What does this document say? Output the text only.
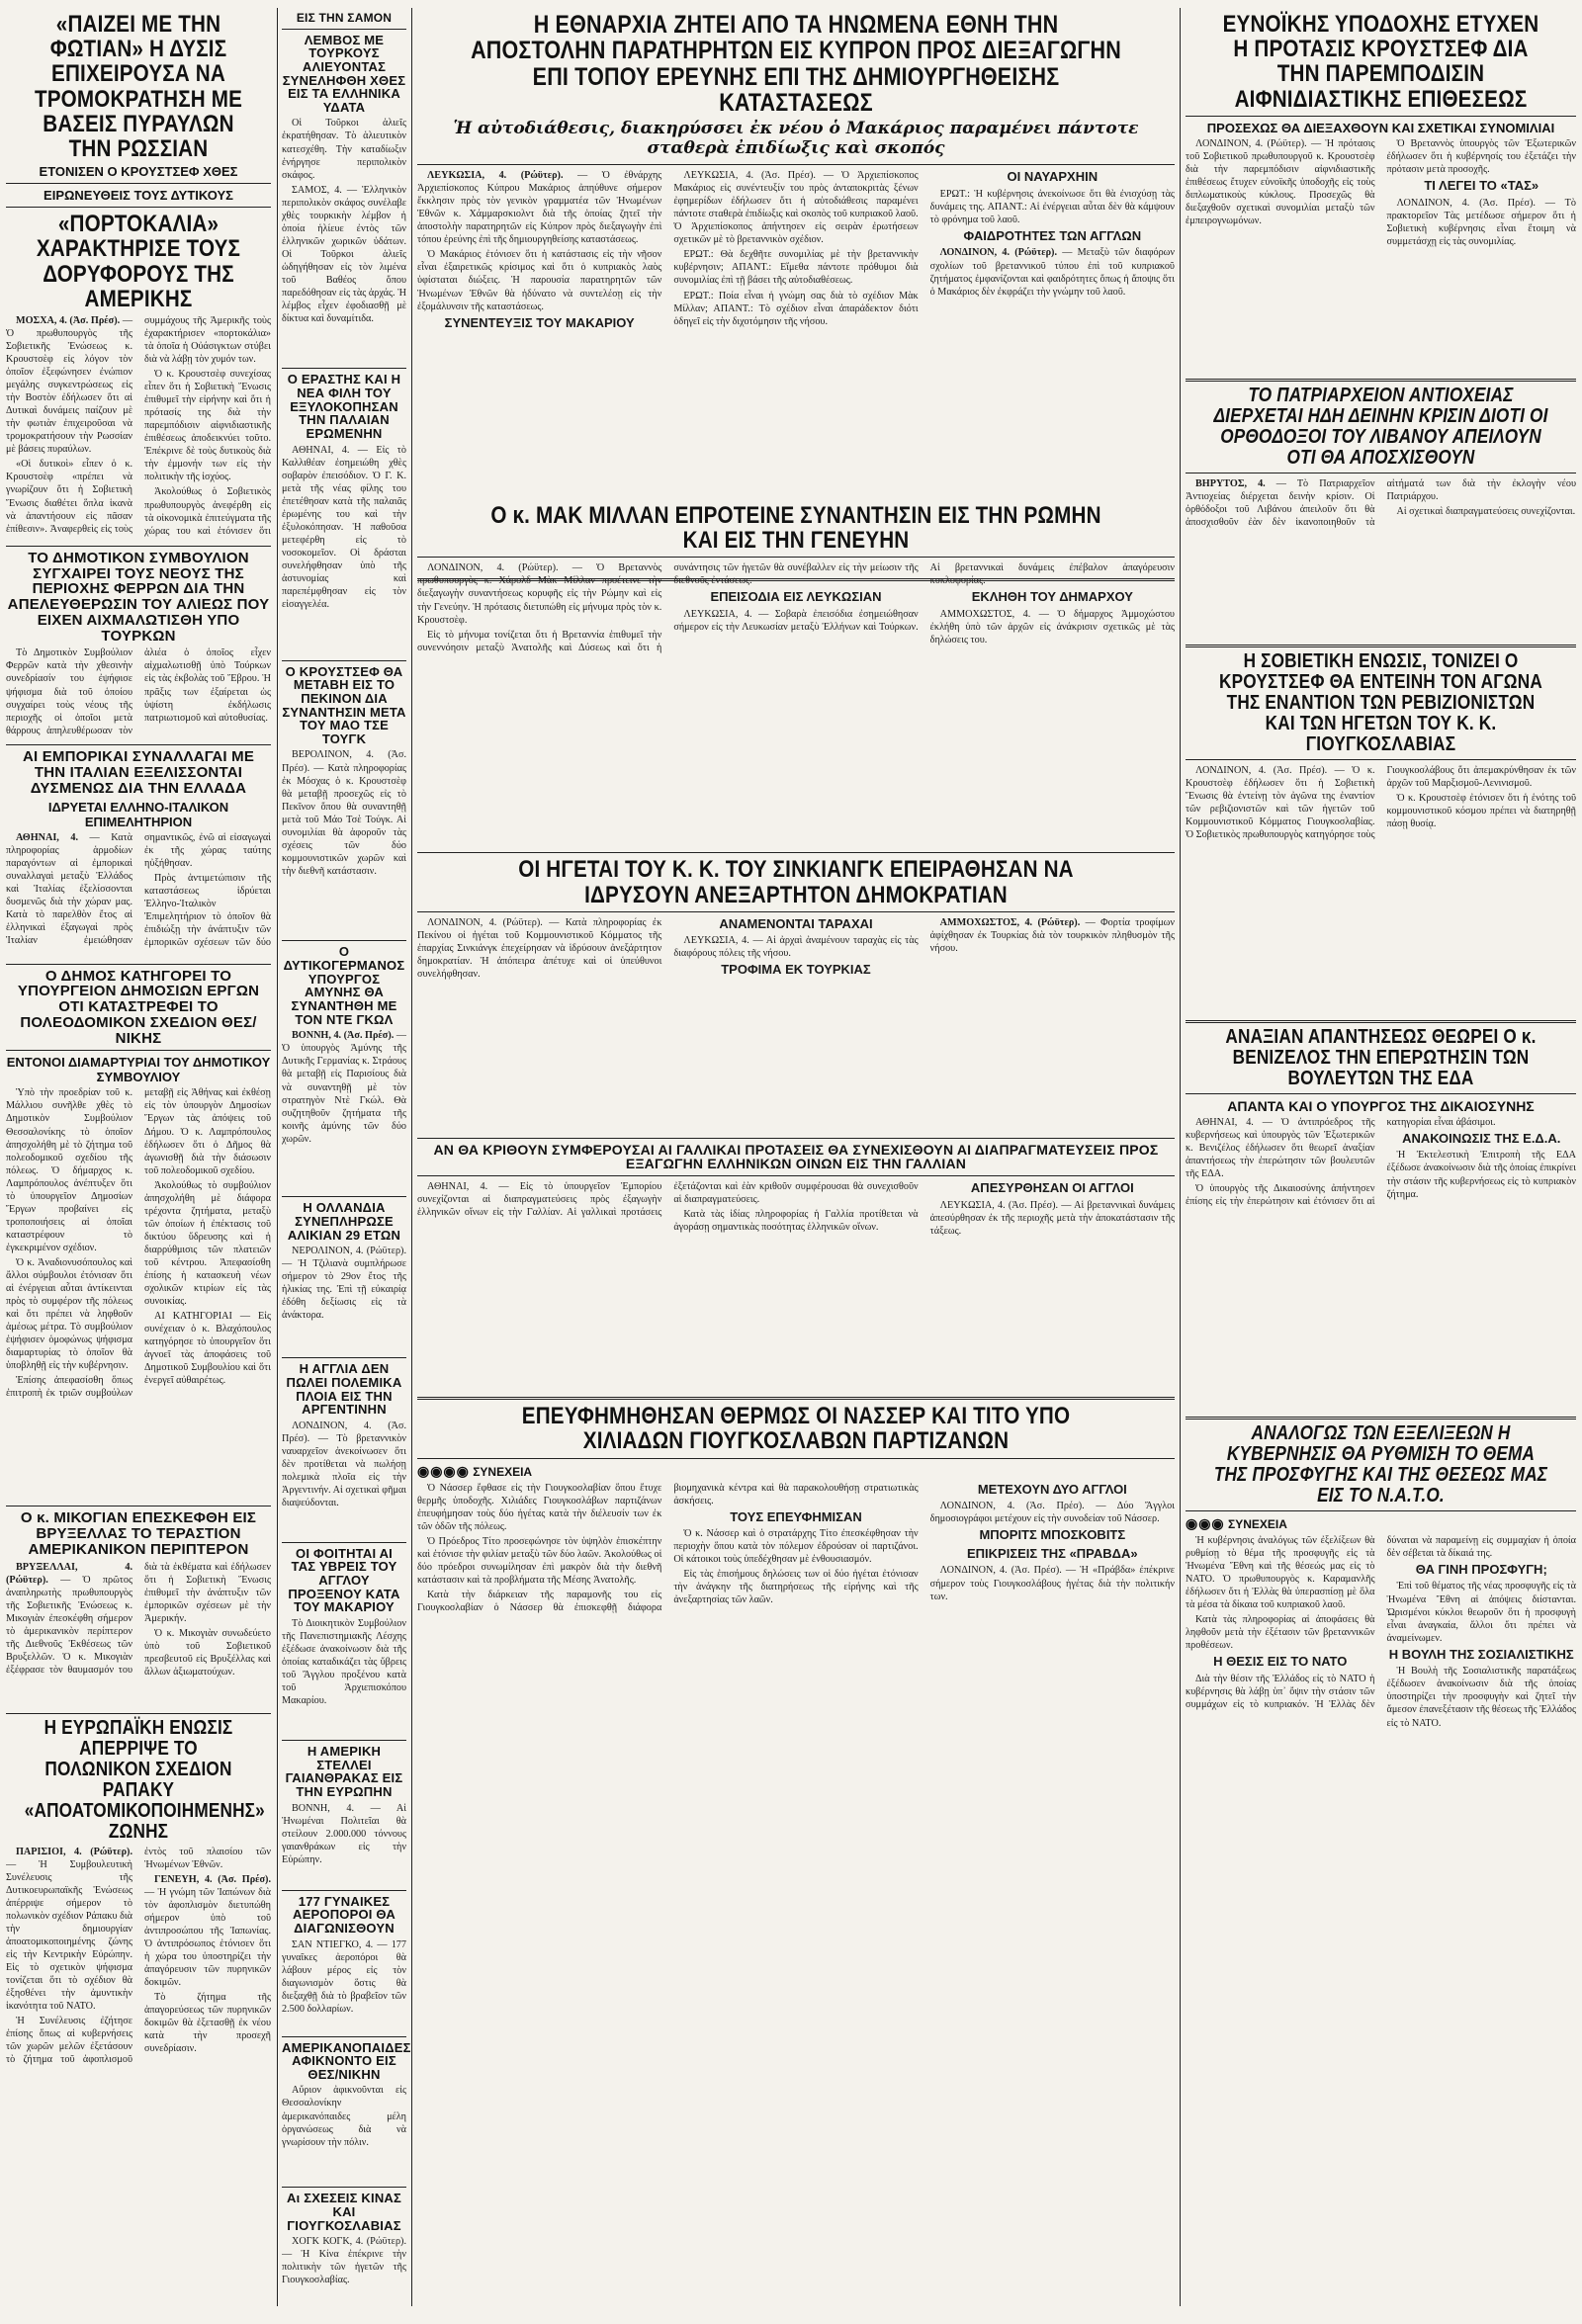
«ΠΑΙΖΕΙ ΜΕ ΤΗΝ ΦΩΤΙΑΝ» Η ΔΥΣΙΣ ΕΠΙΧΕΙΡΟΥΣΑ ΝΑ ΤΡΟΜΟΚΡΑΤΗΣΗ ΜΕ ΒΑΣΕΙΣ ΠΥΡΑΥΛΩΝ ΤΗΝ ΡΩΣΣΙΑΝ
ΕΤΟΝΙΣΕΝ Ο ΚΡΟΥΣΤΣΕΦ ΧΘΕΣ
ΕΙΡΩΝΕΥΘΕΙΣ ΤΟΥΣ ΔΥΤΙΚΟΥΣ
«ΠΟΡΤΟΚΑΛΙΑ» ΧΑΡΑΚΤΗΡΙΣΕ ΤΟΥΣ ΔΟΡΥΦΟΡΟΥΣ ΤΗΣ ΑΜΕΡΙΚΗΣ

ΜΟΣΧΑ, 4. (Ἀσ. Πρέσ). — Ὁ πρωθυπουργὸς τῆς Σοβιετικῆς Ἑνώσεως κ. Κρουστσὲφ εἰς λόγον τὸν ὁποῖον ἐξεφώνησεν ἐνώπιον μεγάλης συγκεντρώσεως εἰς τὴν Βοστὸν ἐδήλωσεν ὅτι αἱ Δυτικαὶ δυνάμεις παίζουν μὲ τὴν φωτιὰν ἐπιχειροῦσαι νὰ τρομοκρατήσουν τὴν Ρωσσίαν μὲ βάσεις πυραύλων.

«Οἱ δυτικοὶ» εἶπεν ὁ κ. Κρουστσὲφ «πρέπει νὰ γνωρίζουν ὅτι ἡ Σοβιετικὴ Ἕνωσις διαθέτει ὅπλα ἱκανὰ νὰ ἀπαντήσουν εἰς πᾶσαν ἐπίθεσιν». Ἀναφερθεὶς εἰς τοὺς συμμάχους τῆς Ἀμερικῆς τοὺς ἐχαρακτήρισεν «πορτοκάλια» τὰ ὁποῖα ἡ Οὐάσιγκτων στύβει διὰ νὰ λάβῃ τὸν χυμόν των.

Ὁ κ. Κρουστσὲφ συνεχίσας εἶπεν ὅτι ἡ Σοβιετικὴ Ἕνωσις ἐπιθυμεῖ τὴν εἰρήνην καὶ ὅτι ἡ πρότασίς της διὰ τὴν παρεμπόδισιν αἰφνιδιαστικῆς ἐπιθέσεως ἀποδεικνύει τοῦτο. Ἐπέκρινε δὲ τοὺς δυτικοὺς διὰ τὴν ἐμμονήν των εἰς τὴν πολιτικὴν τῆς ἰσχύος.

Ἀκολούθως ὁ Σοβιετικὸς πρωθυπουργὸς ἀνεφέρθη εἰς τὰ οἰκονομικὰ ἐπιτεύγματα τῆς χώρας του καὶ ἐτόνισεν ὅτι

ΤΟ ΔΗΜΟΤΙΚΟΝ ΣΥΜΒΟΥΛΙΟΝ ΣΥΓΧΑΙΡΕΙ ΤΟΥΣ ΝΕΟΥΣ ΤΗΣ ΠΕΡΙΟΧΗΣ ΦΕΡΡΩΝ ΔΙΑ ΤΗΝ ΑΠΕΛΕΥΘΕΡΩΣΙΝ ΤΟΥ ΑΛΙΕΩΣ ΠΟΥ ΕΙΧΕΝ ΑΙΧΜΑΛΩΤΙΣΘΗ ΥΠΟ ΤΟΥΡΚΩΝ

Τὸ Δημοτικὸν Συμβούλιον Φερρῶν κατὰ τὴν χθεσινὴν συνεδρίασίν του ἐψήφισε ψήφισμα διὰ τοῦ ὁποίου συγχαίρει τοὺς νέους τῆς περιοχῆς οἱ ὁποῖοι μετὰ θάρρους ἀπηλευθέρωσαν τὸν ἁλιέα ὁ ὁποῖος εἶχεν αἰχμαλωτισθῇ ὑπὸ Τούρκων εἰς τὰς ἐκβολὰς τοῦ Ἕβρου. Ἡ πρᾶξις των ἐξαίρεται ὡς ὑψίστη ἐκδήλωσις πατριωτισμοῦ καὶ αὐτοθυσίας.

ΑΙ ΕΜΠΟΡΙΚΑΙ ΣΥΝΑΛΛΑΓΑΙ ΜΕ ΤΗΝ ΙΤΑΛΙΑΝ ΕΞΕΛΙΣΣΟΝΤΑΙ ΔΥΣΜΕΝΩΣ ΔΙΑ ΤΗΝ ΕΛΛΑΔΑ
ΙΔΡΥΕΤΑΙ ΕΛΛΗΝΟ-ΙΤΑΛΙΚΟΝ ΕΠΙΜΕΛΗΤΗΡΙΟΝ

ΑΘΗΝΑΙ, 4. — Κατὰ πληροφορίας ἁρμοδίων παραγόντων αἱ ἐμπορικαὶ συναλλαγαὶ μεταξὺ Ἑλλάδος καὶ Ἰταλίας ἐξελίσσονται δυσμενῶς διὰ τὴν χώραν μας. Κατὰ τὸ παρελθὸν ἔτος αἱ ἑλληνικαὶ ἐξαγωγαὶ πρὸς Ἰταλίαν ἐμειώθησαν σημαντικῶς, ἐνῶ αἱ εἰσαγωγαὶ ἐκ τῆς χώρας ταύτης ηὐξήθησαν.

Πρὸς ἀντιμετώπισιν τῆς καταστάσεως ἱδρύεται Ἑλληνο-Ἰταλικὸν Ἐπιμελητήριον τὸ ὁποῖον θὰ ἐπιδιώξῃ τὴν ἀνάπτυξιν τῶν ἐμπορικῶν σχέσεων τῶν δύο

Ο ΔΗΜΟΣ ΚΑΤΗΓΟΡΕΙ ΤΟ ΥΠΟΥΡΓΕΙΟΝ ΔΗΜΟΣΙΩΝ ΕΡΓΩΝ ΟΤΙ ΚΑΤΑΣΤΡΕΦΕΙ ΤΟ ΠΟΛΕΟΔΟΜΙΚΟΝ ΣΧΕΔΙΟΝ ΘΕΣ/ΝΙΚΗΣ
ΕΝΤΟΝΟΙ ΔΙΑΜΑΡΤΥΡΙΑΙ ΤΟΥ ΔΗΜΟΤΙΚΟΥ ΣΥΜΒΟΥΛΙΟΥ

Ὑπὸ τὴν προεδρίαν τοῦ κ. Μάλλιου συνῆλθε χθὲς τὸ Δημοτικὸν Συμβούλιον Θεσσαλονίκης τὸ ὁποῖον ἀπησχολήθη μὲ τὸ ζήτημα τοῦ πολεοδομικοῦ σχεδίου τῆς πόλεως. Ὁ δήμαρχος κ. Λαμπρόπουλος ἀνέπτυξεν ὅτι τὸ ὑπουργεῖον Δημοσίων Ἔργων προβαίνει εἰς τροποποιήσεις αἱ ὁποῖαι καταστρέφουν τὸ ἐγκεκριμένον σχέδιον.

Ὁ κ. Ἀναδιονυσόπουλος καὶ ἄλλοι σύμβουλοι ἐτόνισαν ὅτι αἱ ἐνέργειαι αὗται ἀντίκεινται πρὸς τὸ συμφέρον τῆς πόλεως καὶ ὅτι πρέπει νὰ ληφθοῦν ἀμέσως μέτρα. Τὸ συμβούλιον ἐψήφισεν ὁμοφώνως ψήφισμα διαμαρτυρίας τὸ ὁποῖον θὰ ὑποβληθῇ εἰς τὴν κυβέρνησιν.

Ἐπίσης ἀπεφασίσθη ὅπως ἐπιτροπὴ ἐκ τριῶν συμβούλων μεταβῇ εἰς Ἀθήνας καὶ ἐκθέσῃ εἰς τὸν ὑπουργὸν Δημοσίων Ἔργων τὰς ἀπόψεις τοῦ Δήμου. Ὁ κ. Λαμπρόπουλος ἐδήλωσεν ὅτι ὁ Δῆμος θὰ ἀγωνισθῇ διὰ τὴν διάσωσιν τοῦ πολεοδομικοῦ σχεδίου.

Ἀκολούθως τὸ συμβούλιον ἀπησχολήθη μὲ διάφορα τρέχοντα ζητήματα, μεταξὺ τῶν ὁποίων ἡ ἐπέκτασις τοῦ δικτύου ὕδρευσης καὶ ἡ διαρρύθμισις τῶν πλατειῶν τοῦ κέντρου. Ἀπεφασίσθη ἐπίσης ἡ κατασκευὴ νέων σχολικῶν κτιρίων εἰς τὰς συνοικίας.

ΑΙ ΚΑΤΗΓΟΡΙΑΙ — Εἰς συνέχειαν ὁ κ. Βλαχόπουλος κατηγόρησε τὸ ὑπουργεῖον ὅτι ἀγνοεῖ τὰς ἀποφάσεις τοῦ Δημοτικοῦ Συμβουλίου καὶ ὅτι ἐνεργεῖ αὐθαιρέτως.

Ο κ. ΜΙΚΟΓΙΑΝ ΕΠΕΣΚΕΦΘΗ ΕΙΣ ΒΡΥΞΕΛΛΑΣ ΤΟ ΤΕΡΑΣΤΙΟΝ ΑΜΕΡΙΚΑΝΙΚΟΝ ΠΕΡΙΠΤΕΡΟΝ

ΒΡΥΞΕΛΛΑΙ, 4. (Ρώϋτερ). — Ὁ πρῶτος ἀναπληρωτὴς πρωθυπουργὸς τῆς Σοβιετικῆς Ἑνώσεως κ. Μικογιὰν ἐπεσκέφθη σήμερον τὸ ἀμερικανικὸν περίπτερον τῆς Διεθνοῦς Ἐκθέσεως τῶν Βρυξελλῶν. Ὁ κ. Μικογιὰν ἐξέφρασε τὸν θαυμασμόν του διὰ τὰ ἐκθέματα καὶ ἐδήλωσεν ὅτι ἡ Σοβιετικὴ Ἕνωσις ἐπιθυμεῖ τὴν ἀνάπτυξιν τῶν ἐμπορικῶν σχέσεων μὲ τὴν Ἀμερικήν.

Ὁ κ. Μικογιὰν συνωδεύετο ὑπὸ τοῦ Σοβιετικοῦ πρεσβευτοῦ εἰς Βρυξέλλας καὶ ἄλλων ἀξιωματούχων.

Η ΕΥΡΩΠΑΪΚΗ ΕΝΩΣΙΣ ΑΠΕΡΡΙΨΕ ΤΟ ΠΟΛΩΝΙΚΟΝ ΣΧΕΔΙΟΝ ΡΑΠΑΚΥ «ΑΠΟΑΤΟΜΙΚΟΠΟΙΗΜΕΝΗΣ» ΖΩΝΗΣ

ΠΑΡΙΣΙΟΙ, 4. (Ρώϋτερ). — Ἡ Συμβουλευτικὴ Συνέλευσις τῆς Δυτικοευρωπαϊκῆς Ἑνώσεως ἀπέρριψε σήμερον τὸ πολωνικὸν σχέδιον Ράπακυ διὰ τὴν δημιουργίαν ἀποατομικοποιημένης ζώνης εἰς τὴν Κεντρικὴν Εὐρώπην. Εἰς τὸ σχετικὸν ψήφισμα τονίζεται ὅτι τὸ σχέδιον θὰ ἐξησθένει τὴν ἀμυντικὴν ἱκανότητα τοῦ ΝΑΤΟ.

Ἡ Συνέλευσις ἐζήτησε ἐπίσης ὅπως αἱ κυβερνήσεις τῶν χωρῶν μελῶν ἐξετάσουν τὸ ζήτημα τοῦ ἀφοπλισμοῦ ἐντὸς τοῦ πλαισίου τῶν Ἡνωμένων Ἐθνῶν.

ΓΕΝΕΥΗ, 4. (Ἀσ. Πρέσ). — Ἡ γνώμη τῶν Ἰαπώνων διὰ τὸν ἀφοπλισμὸν διετυπώθη σήμερον ὑπὸ τοῦ ἀντιπροσώπου τῆς Ἰαπωνίας. Ὁ ἀντιπρόσωπος ἐτόνισεν ὅτι ἡ χώρα του ὑποστηρίζει τὴν ἀπαγόρευσιν τῶν πυρηνικῶν δοκιμῶν.

Τὸ ζήτημα τῆς ἀπαγορεύσεως τῶν πυρηνικῶν δοκιμῶν θὰ ἐξετασθῇ ἐκ νέου κατὰ τὴν προσεχῆ συνεδρίασιν.

ΕΙΣ ΤΗΝ ΣΑΜΟΝ
ΛΕΜΒΟΣ ΜΕ ΤΟΥΡΚΟΥΣ ΑΛΙΕΥΟΝΤΑΣ ΣΥΝΕΛΗΦΘΗ ΧΘΕΣ ΕΙΣ ΤΑ ΕΛΛΗΝΙΚΑ ΥΔΑΤΑ

Οἱ Τοῦρκοι ἁλιεῖς ἐκρατήθησαν. Τὸ ἁλιευτικὸν κατεσχέθη. Τὴν καταδίωξιν ἐνήργησε περιπολικὸν σκάφος.

ΣΑΜΟΣ, 4. — Ἑλληνικὸν περιπολικὸν σκάφος συνέλαβε χθὲς τουρκικὴν λέμβον ἡ ὁποία ἡλίευε ἐντὸς τῶν ἑλληνικῶν χωρικῶν ὑδάτων. Οἱ Τοῦρκοι ἁλιεῖς ὡδηγήθησαν εἰς τὸν λιμένα τοῦ Βαθέος ὅπου παρεδόθησαν εἰς τὰς ἀρχάς. Ἡ λέμβος εἶχεν ἐφοδιασθῇ μὲ δίκτυα καὶ δυναμίτιδα.

Ο ΕΡΑΣΤΗΣ ΚΑΙ Η ΝΕΑ ΦΙΛΗ ΤΟΥ ΕΞΥΛΟΚΟΠΗΣΑΝ ΤΗΝ ΠΑΛΑΙΑΝ ΕΡΩΜΕΝΗΝ

ΑΘΗΝΑΙ, 4. — Εἰς τὸ Καλλιθέαν ἐσημειώθη χθὲς σοβαρὸν ἐπεισόδιον. Ὁ Γ. Κ. μετὰ τῆς νέας φίλης του ἐπετέθησαν κατὰ τῆς παλαιᾶς ἐρωμένης του καὶ τὴν ἐξυλοκόπησαν. Ἡ παθοῦσα μετεφέρθη εἰς τὸ νοσοκομεῖον. Οἱ δράσται συνελήφθησαν ὑπὸ τῆς ἀστυνομίας καὶ παρεπέμφθησαν εἰς τὸν εἰσαγγελέα.

Ο ΚΡΟΥΣΤΣΕΦ ΘΑ ΜΕΤΑΒΗ ΕΙΣ ΤΟ ΠΕΚΙΝΟΝ ΔΙΑ ΣΥΝΑΝΤΗΣΙΝ ΜΕΤΑ ΤΟΥ ΜΑΟ ΤΣΕ ΤΟΥΓΚ

ΒΕΡΟΛΙΝΟΝ, 4. (Ἀσ. Πρέσ). — Κατὰ πληροφορίας ἐκ Μόσχας ὁ κ. Κρουστσὲφ θὰ μεταβῇ προσεχῶς εἰς τὸ Πεκῖνον ὅπου θὰ συναντηθῇ μετὰ τοῦ Μάο Τσὲ Τούγκ. Αἱ συνομιλίαι θὰ ἀφοροῦν τὰς σχέσεις τῶν δύο κομμουνιστικῶν χωρῶν καὶ τὴν διεθνῆ κατάστασιν.

Ο ΔΥΤΙΚΟΓΕΡΜΑΝΟΣ ΥΠΟΥΡΓΟΣ ΑΜΥΝΗΣ ΘΑ ΣΥΝΑΝΤΗΘΗ ΜΕ ΤΟΝ ΝΤΕ ΓΚΩΛ

ΒΟΝΝΗ, 4. (Ἀσ. Πρέσ). — Ὁ ὑπουργὸς Ἀμύνης τῆς Δυτικῆς Γερμανίας κ. Στράους θὰ μεταβῇ εἰς Παρισίους διὰ νὰ συναντηθῇ μὲ τὸν στρατηγὸν Ντὲ Γκώλ. Θὰ συζητηθοῦν ζητήματα τῆς κοινῆς ἀμύνης τῶν δύο χωρῶν.

Η ΟΛΛΑΝΔΙΑ ΣΥΝΕΠΛΗΡΩΣΕ ΑΛΙΚΙΑΝ 29 ΕΤΩΝ

ΝΕΡΟΛΙΝΟΝ, 4. (Ρώϋτερ). — Ἡ Τζιλιανὰ συμπλήρωσε σήμερον τὸ 29ον ἔτος τῆς ἡλικίας της. Ἐπὶ τῇ εὐκαιρίᾳ ἐδόθη δεξίωσις εἰς τὰ ἀνάκτορα.

Η ΑΓΓΛΙΑ ΔΕΝ ΠΩΛΕΙ ΠΟΛΕΜΙΚΑ ΠΛΟΙΑ ΕΙΣ ΤΗΝ ΑΡΓΕΝΤΙΝΗΝ

ΛΟΝΔΙΝΟΝ, 4. (Ἀσ. Πρέσ). — Τὸ βρεταννικὸν ναυαρχεῖον ἀνεκοίνωσεν ὅτι δὲν προτίθεται νὰ πωλήσῃ πολεμικὰ πλοῖα εἰς τὴν Ἀργεντινήν. Αἱ σχετικαὶ φῆμαι διαψεύδονται.

ΟΙ ΦΟΙΤΗΤΑΙ ΑΙ ΤΑΣ ΥΒΡΕΙΣ ΤΟΥ ΑΓΓΛΟΥ ΠΡΟΞΕΝΟΥ ΚΑΤΑ ΤΟΥ ΜΑΚΑΡΙΟΥ

Τὸ Διοικητικὸν Συμβούλιον τῆς Πανεπιστημιακῆς Λέσχης ἐξέδωσε ἀνακοίνωσιν διὰ τῆς ὁποίας καταδικάζει τὰς ὕβρεις τοῦ Ἄγγλου προξένου κατὰ τοῦ Ἀρχιεπισκόπου Μακαρίου.

Η ΑΜΕΡΙΚΗ ΣΤΕΛΛΕΙ ΓΑΙΑΝΘΡΑΚΑΣ ΕΙΣ ΤΗΝ ΕΥΡΩΠΗΝ

ΒΟΝΝΗ, 4. — Αἱ Ἡνωμέναι Πολιτεῖαι θὰ στείλουν 2.000.000 τόννους γαιανθράκων εἰς τὴν Εὐρώπην.

177 ΓΥΝΑΙΚΕΣ ΑΕΡΟΠΟΡΟΙ ΘΑ ΔΙΑΓΩΝΙΣΘΟΥΝ

ΣΑΝ ΝΤΙΕΓΚΟ, 4. — 177 γυναῖκες ἀεροπόροι θὰ λάβουν μέρος εἰς τὸν διαγωνισμὸν ὅστις θὰ διεξαχθῇ διὰ τὸ βραβεῖον τῶν 2.500 δολλαρίων.

ΑΜΕΡΙΚΑΝΟΠΑΙΔΕΣ ΑΦΙΚΝΟΝΤΟ ΕΙΣ ΘΕΣ/ΝΙΚΗΝ

Αὔριον ἀφικνοῦνται εἰς Θεσσαλονίκην ἀμερικανόπαιδες μέλη ὀργανώσεως διὰ νὰ γνωρίσουν τὴν πόλιν.

Αι ΣΧΕΣΕΙΣ ΚΙΝΑΣ ΚΑΙ ΓΙΟΥΓΚΟΣΛΑΒΙΑΣ

ΧΟΓΚ ΚΟΓΚ, 4. (Ρώϋτερ). — Ἡ Κίνα ἐπέκρινε τὴν πολιτικὴν τῶν ἡγετῶν τῆς Γιουγκοσλαβίας.

Η ΕΘΝΑΡΧΙΑ ΖΗΤΕΙ ΑΠΟ ΤΑ ΗΝΩΜΕΝΑ ΕΘΝΗ ΤΗΝ ΑΠΟΣΤΟΛΗΝ ΠΑΡΑΤΗΡΗΤΩΝ ΕΙΣ ΚΥΠΡΟΝ ΠΡΟΣ ΔΙΕΞΑΓΩΓΗΝ ΕΠΙ ΤΟΠΟΥ ΕΡΕΥΝΗΣ ΕΠΙ ΤΗΣ ΔΗΜΙΟΥΡΓΗΘΕΙΣΗΣ ΚΑΤΑΣΤΑΣΕΩΣ
Ἡ αὐτοδιάθεσις, διακηρύσσει ἐκ νέου ὁ Μακάριος παραμένει πάντοτε σταθερὰ ἐπιδίωξις καὶ σκοπός

ΛΕΥΚΩΣΙΑ, 4. (Ρώϋτερ). — Ὁ ἐθνάρχης Ἀρχιεπίσκοπος Κύπρου Μακάριος ἀπηύθυνε σήμερον ἔκκλησιν πρὸς τὸν γενικὸν γραμματέα τῶν Ἡνωμένων Ἐθνῶν κ. Χάμμαρσκιολντ διὰ τῆς ὁποίας ζητεῖ τὴν ἀποστολὴν παρατηρητῶν εἰς Κύπρον πρὸς διεξαγωγὴν ἐπὶ τόπου ἐρεύνης ἐπὶ τῆς δημιουργηθείσης καταστάσεως.

Ὁ Μακάριος ἐτόνισεν ὅτι ἡ κατάστασις εἰς τὴν νῆσον εἶναι ἐξαιρετικῶς κρίσιμος καὶ ὅτι ὁ κυπριακὸς λαὸς ὑφίσταται διώξεις. Ἡ παρουσία παρατηρητῶν τῶν Ἡνωμένων Ἐθνῶν θὰ ἠδύνατο νὰ συντελέσῃ εἰς τὴν ἐξομάλυνσιν τῆς καταστάσεως.

ΣΥΝΕΝΤΕΥΞΙΣ ΤΟΥ ΜΑΚΑΡΙΟΥ

ΛΕΥΚΩΣΙΑ, 4. (Ἀσ. Πρέσ). — Ὁ Ἀρχιεπίσκοπος Μακάριος εἰς συνέντευξίν του πρὸς ἀνταποκριτὰς ξένων ἐφημερίδων ἐδήλωσεν ὅτι ἡ αὐτοδιάθεσις παραμένει πάντοτε σταθερὰ ἐπιδίωξις καὶ σκοπὸς τοῦ κυπριακοῦ λαοῦ. Ὁ Ἀρχιεπίσκοπος ἀπήντησεν εἰς σειρὰν ἐρωτήσεων σχετικῶν μὲ τὸ βρεταννικὸν σχέδιον.

ΕΡΩΤ.: Θὰ δεχθῆτε συνομιλίας μὲ τὴν βρεταννικὴν κυβέρνησιν; ΑΠΑΝΤ.: Εἴμεθα πάντοτε πρόθυμοι διὰ συνομιλίας ἐπὶ τῇ βάσει τῆς αὐτοδιαθέσεως.

ΕΡΩΤ.: Ποία εἶναι ἡ γνώμη σας διὰ τὸ σχέδιον Μὰκ Μίλλαν; ΑΠΑΝΤ.: Τὸ σχέδιον εἶναι ἀπαράδεκτον διότι ὁδηγεῖ εἰς τὴν διχοτόμησιν τῆς νήσου.

ΟΙ ΝΑΥΑΡΧΗΙΝ

ΕΡΩΤ.: Ἡ κυβέρνησις ἀνεκοίνωσε ὅτι θὰ ἐνισχύσῃ τὰς δυνάμεις της. ΑΠΑΝΤ.: Αἱ ἐνέργειαι αὗται δὲν θὰ κάμψουν τὸ φρόνημα τοῦ λαοῦ.

ΦΑΙΔΡΟΤΗΤΕΣ ΤΩΝ ΑΓΓΛΩΝ

ΛΟΝΔΙΝΟΝ, 4. (Ρώϋτερ). — Μεταξὺ τῶν διαφόρων σχολίων τοῦ βρεταννικοῦ τύπου ἐπὶ τοῦ κυπριακοῦ ζητήματος ἐμφανίζονται καὶ φαιδρότητες ὅπως ἡ ἄποψις ὅτι ὁ Μακάριος δὲν ἐκφράζει τὴν γνώμην τοῦ λαοῦ.

Ο κ. ΜΑΚ ΜΙΛΛΑΝ ΕΠΡΟΤΕΙΝΕ ΣΥΝΑΝΤΗΣΙΝ ΕΙΣ ΤΗΝ ΡΩΜΗΝ ΚΑΙ ΕΙΣ ΤΗΝ ΓΕΝΕΥΗΝ

ΛΟΝΔΙΝΟΝ, 4. (Ρώϋτερ). — Ὁ Βρεταννὸς πρωθυπουργὸς κ. Χάρολδ Μὰκ Μίλλαν προέτεινε τὴν διεξαγωγὴν συναντήσεως κορυφῆς εἰς τὴν Ρώμην καὶ εἰς τὴν Γενεύην. Ἡ πρότασις διετυπώθη εἰς μήνυμα πρὸς τὸν κ. Κρουστσὲφ.

Εἰς τὸ μήνυμα τονίζεται ὅτι ἡ Βρεταννία ἐπιθυμεῖ τὴν συνεννόησιν μεταξὺ Ἀνατολῆς καὶ Δύσεως καὶ ὅτι ἡ συνάντησις τῶν ἡγετῶν θὰ συνέβαλλεν εἰς τὴν μείωσιν τῆς διεθνοῦς ἐντάσεως.

ΕΠΕΙΣΟΔΙΑ ΕΙΣ ΛΕΥΚΩΣΙΑΝ

ΛΕΥΚΩΣΙΑ, 4. — Σοβαρὰ ἐπεισόδια ἐσημειώθησαν σήμερον εἰς τὴν Λευκωσίαν μεταξὺ Ἑλλήνων καὶ Τούρκων. Αἱ βρεταννικαὶ δυνάμεις ἐπέβαλον ἀπαγόρευσιν κυκλοφορίας.

ΕΚΛΗΘΗ ΤΟΥ ΔΗΜΑΡΧΟΥ

ΑΜΜΟΧΩΣΤΟΣ, 4. — Ὁ δήμαρχος Ἀμμοχώστου ἐκλήθη ὑπὸ τῶν ἀρχῶν εἰς ἀνάκρισιν σχετικῶς μὲ τὰς δηλώσεις του.

ΟΙ ΗΓΕΤΑΙ ΤΟΥ Κ. Κ. ΤΟΥ ΣΙΝΚΙΑΝΓΚ ΕΠΕΙΡΑΘΗΣΑΝ ΝΑ ΙΔΡΥΣΟΥΝ ΑΝΕΞΑΡΤΗΤΟΝ ΔΗΜΟΚΡΑΤΙΑΝ

ΛΟΝΔΙΝΟΝ, 4. (Ρώϋτερ). — Κατὰ πληροφορίας ἐκ Πεκίνου οἱ ἡγέται τοῦ Κομμουνιστικοῦ Κόμματος τῆς ἐπαρχίας Σινκιάνγκ ἐπεχείρησαν νὰ ἱδρύσουν ἀνεξάρτητον δημοκρατίαν. Ἡ ἀπόπειρα ἀπέτυχε καὶ οἱ ὑπεύθυνοι συνελήφθησαν.

ΑΝΑΜΕΝΟΝΤΑΙ ΤΑΡΑΧΑΙ

ΛΕΥΚΩΣΙΑ, 4. — Αἱ ἀρχαὶ ἀναμένουν ταραχὰς εἰς τὰς διαφόρους πόλεις τῆς νήσου.

ΤΡΟΦΙΜΑ ΕΚ ΤΟΥΡΚΙΑΣ

ΑΜΜΟΧΩΣΤΟΣ, 4. (Ρώϋτερ). — Φορτία τροφίμων ἀφίχθησαν ἐκ Τουρκίας διὰ τὸν τουρκικὸν πληθυσμὸν τῆς νήσου.

ΑΝ ΘΑ ΚΡΙΘΟΥΝ ΣΥΜΦΕΡΟΥΣΑΙ ΑΙ ΓΑΛΛΙΚΑΙ ΠΡΟΤΑΣΕΙΣ ΘΑ ΣΥΝΕΧΙΣΘΟΥΝ ΑΙ ΔΙΑΠΡΑΓΜΑΤΕΥΣΕΙΣ ΠΡΟΣ ΕΞΑΓΩΓΗΝ ΕΛΛΗΝΙΚΩΝ ΟΙΝΩΝ ΕΙΣ ΤΗΝ ΓΑΛΛΙΑΝ

ΑΘΗΝΑΙ, 4. — Εἰς τὸ ὑπουργεῖον Ἐμπορίου συνεχίζονται αἱ διαπραγματεύσεις πρὸς ἐξαγωγὴν ἑλληνικῶν οἴνων εἰς τὴν Γαλλίαν. Αἱ γαλλικαὶ προτάσεις ἐξετάζονται καὶ ἐὰν κριθοῦν συμφέρουσαι θὰ συνεχισθοῦν αἱ διαπραγματεύσεις.

Κατὰ τὰς ἰδίας πληροφορίας ἡ Γαλλία προτίθεται νὰ ἀγοράσῃ σημαντικὰς ποσότητας ἑλληνικῶν οἴνων.

ΑΠΕΣΥΡΘΗΣΑΝ ΟΙ ΑΓΓΛΟΙ

ΛΕΥΚΩΣΙΑ, 4. (Ἀσ. Πρέσ). — Αἱ βρεταννικαὶ δυνάμεις ἀπεσύρθησαν ἐκ τῆς περιοχῆς μετὰ τὴν ἀποκατάστασιν τῆς τάξεως.

ΕΠΕΥΦΗΜΗΘΗΣΑΝ ΘΕΡΜΩΣ ΟΙ ΝΑΣΣΕΡ ΚΑΙ ΤΙΤΟ ΥΠΟ ΧΙΛΙΑΔΩΝ ΓΙΟΥΓΚΟΣΛΑΒΩΝ ΠΑΡΤΙΖΑΝΩΝ
◉◉◉◉ ΣΥΝΕΧΕΙΑ

Ὁ Νάσσερ ἔφθασε εἰς τὴν Γιουγκοσλαβίαν ὅπου ἔτυχε θερμῆς ὑποδοχῆς. Χιλιάδες Γιουγκοσλάβων παρτιζάνων ἐπευφήμησαν τοὺς δύο ἡγέτας κατὰ τὴν διέλευσίν των ἐκ τῶν ὁδῶν τῆς πόλεως.

Ὁ Πρόεδρος Τίτο προσεφώνησε τὸν ὑψηλὸν ἐπισκέπτην καὶ ἐτόνισε τὴν φιλίαν μεταξὺ τῶν δύο λαῶν. Ἀκολούθως οἱ δύο πρόεδροι συνωμίλησαν ἐπὶ μακρὸν διὰ τὴν διεθνῆ κατάστασιν καὶ τὰ προβλήματα τῆς Μέσης Ἀνατολῆς.

Κατὰ τὴν διάρκειαν τῆς παραμονῆς του εἰς Γιουγκοσλαβίαν ὁ Νάσσερ θὰ ἐπισκεφθῇ διάφορα βιομηχανικὰ κέντρα καὶ θὰ παρακολουθήσῃ στρατιωτικὰς ἀσκήσεις.

ΤΟΥΣ ΕΠΕΥΦΗΜΙΣΑΝ

Ὁ κ. Νάσσερ καὶ ὁ στρατάρχης Τίτο ἐπεσκέφθησαν τὴν περιοχὴν ὅπου κατὰ τὸν πόλεμον ἐδρούσαν οἱ παρτιζάνοι. Οἱ κάτοικοι τοὺς ὑπεδέχθησαν μὲ ἐνθουσιασμόν.

Εἰς τὰς ἐπισήμους δηλώσεις των οἱ δύο ἡγέται ἐτόνισαν τὴν ἀνάγκην τῆς διατηρήσεως τῆς εἰρήνης καὶ τῆς ἀνεξαρτησίας τῶν λαῶν.

ΜΕΤΕΧΟΥΝ ΔΥΟ ΑΓΓΛΟΙ

ΛΟΝΔΙΝΟΝ, 4. (Ἀσ. Πρέσ). — Δύο Ἄγγλοι δημοσιογράφοι μετέχουν εἰς τὴν συνοδείαν τοῦ Νάσσερ.

ΜΠΟΡΙΤΣ ΜΠΟΣΚΟΒΙΤΣ

ΕΠΙΚΡΙΣΕΙΣ ΤΗΣ «ΠΡΑΒΔΑ»

ΛΟΝΔΙΝΟΝ, 4. (Ἀσ. Πρέσ). — Ἡ «Πράβδα» ἐπέκρινε σήμερον τοὺς Γιουγκοσλάβους ἡγέτας διὰ τὴν πολιτικήν των.

ΕΥΝΟΪΚΗΣ ΥΠΟΔΟΧΗΣ ΕΤΥΧΕΝ Η ΠΡΟΤΑΣΙΣ ΚΡΟΥΣΤΣΕΦ ΔΙΑ ΤΗΝ ΠΑΡΕΜΠΟΔΙΣΙΝ ΑΙΦΝΙΔΙΑΣΤΙΚΗΣ ΕΠΙΘΕΣΕΩΣ
ΠΡΟΣΕΧΩΣ ΘΑ ΔΙΕΞΑΧΘΟΥΝ ΚΑΙ ΣΧΕΤΙΚΑΙ ΣΥΝΟΜΙΛΙΑΙ

ΛΟΝΔΙΝΟΝ, 4. (Ρώϋτερ). — Ἡ πρότασις τοῦ Σοβιετικοῦ πρωθυπουργοῦ κ. Κρουστσὲφ διὰ τὴν παρεμπόδισιν αἰφνιδιαστικῆς ἐπιθέσεως ἔτυχεν εὐνοϊκῆς ὑποδοχῆς εἰς τοὺς διπλωματικοὺς κύκλους. Προσεχῶς θὰ διεξαχθοῦν σχετικαὶ συνομιλίαι μεταξὺ τῶν ἐμπειρογνωμόνων.

Ὁ Βρεταννὸς ὑπουργὸς τῶν Ἐξωτερικῶν ἐδήλωσεν ὅτι ἡ κυβέρνησίς του ἐξετάζει τὴν πρότασιν μετὰ προσοχῆς.

ΤΙ ΛΕΓΕΙ ΤΟ «ΤΑΣ»

ΛΟΝΔΙΝΟΝ, 4. (Ἀσ. Πρέσ). — Τὸ πρακτορεῖον Τὰς μετέδωσε σήμερον ὅτι ἡ Σοβιετικὴ κυβέρνησις εἶναι ἕτοιμη νὰ συμμετάσχῃ εἰς τὰς συνομιλίας.

ΤΟ ΠΑΤΡΙΑΡΧΕΙΟΝ ΑΝΤΙΟΧΕΙΑΣ ΔΙΕΡΧΕΤΑΙ ΗΔΗ ΔΕΙΝΗΝ ΚΡΙΣΙΝ ΔΙΟΤΙ ΟΙ ΟΡΘΟΔΟΞΟΙ ΤΟΥ ΛΙΒΑΝΟΥ ΑΠΕΙΛΟΥΝ ΟΤΙ ΘΑ ΑΠΟΣΧΙΣΘΟΥΝ

ΒΗΡΥΤΟΣ, 4. — Τὸ Πατριαρχεῖον Ἀντιοχείας διέρχεται δεινὴν κρίσιν. Οἱ ὀρθόδοξοι τοῦ Λιβάνου ἀπειλοῦν ὅτι θὰ ἀποσχισθοῦν ἐὰν δὲν ἱκανοποιηθοῦν τὰ αἰτήματά των διὰ τὴν ἐκλογὴν νέου Πατριάρχου.

Αἱ σχετικαὶ διαπραγματεύσεις συνεχίζονται.

Η ΣΟΒΙΕΤΙΚΗ ΕΝΩΣΙΣ, ΤΟΝΙΖΕΙ Ο ΚΡΟΥΣΤΣΕΦ ΘΑ ΕΝΤΕΙΝΗ ΤΟΝ ΑΓΩΝΑ ΤΗΣ ΕΝΑΝΤΙΟΝ ΤΩΝ ΡΕΒΙΖΙΟΝΙΣΤΩΝ ΚΑΙ ΤΩΝ ΗΓΕΤΩΝ ΤΟΥ Κ. Κ. ΓΙΟΥΓΚΟΣΛΑΒΙΑΣ

ΛΟΝΔΙΝΟΝ, 4. (Ἀσ. Πρέσ). — Ὁ κ. Κρουστσὲφ ἐδήλωσεν ὅτι ἡ Σοβιετικὴ Ἕνωσις θὰ ἐντείνῃ τὸν ἀγῶνα της ἐναντίον τῶν ρεβιζιονιστῶν καὶ τῶν ἡγετῶν τοῦ Κομμουνιστικοῦ Κόμματος Γιουγκοσλαβίας. Ὁ Σοβιετικὸς πρωθυπουργὸς κατηγόρησε τοὺς Γιουγκοσλάβους ὅτι ἀπεμακρύνθησαν ἐκ τῶν ἀρχῶν τοῦ Μαρξισμοῦ-Λενινισμοῦ.

Ὁ κ. Κρουστσὲφ ἐτόνισεν ὅτι ἡ ἑνότης τοῦ κομμουνιστικοῦ κόσμου πρέπει νὰ διατηρηθῇ πάσῃ θυσίᾳ.

ΑΝΑΞΙΑΝ ΑΠΑΝΤΗΣΕΩΣ ΘΕΩΡΕΙ Ο κ. ΒΕΝΙΖΕΛΟΣ ΤΗΝ ΕΠΕΡΩΤΗΣΙΝ ΤΩΝ ΒΟΥΛΕΥΤΩΝ ΤΗΣ ΕΔΑ
ΑΠΑΝΤΑ ΚΑΙ Ο ΥΠΟΥΡΓΟΣ ΤΗΣ ΔΙΚΑΙΟΣΥΝΗΣ

ΑΘΗΝΑΙ, 4. — Ὁ ἀντιπρόεδρος τῆς κυβερνήσεως καὶ ὑπουργὸς τῶν Ἐξωτερικῶν κ. Βενιζέλος ἐδήλωσεν ὅτι θεωρεῖ ἀναξίαν ἀπαντήσεως τὴν ἐπερώτησιν τῶν βουλευτῶν τῆς ΕΔΑ.

Ὁ ὑπουργὸς τῆς Δικαιοσύνης ἀπήντησεν ἐπίσης εἰς τὴν ἐπερώτησιν καὶ ἐτόνισεν ὅτι αἱ κατηγορίαι εἶναι ἀβάσιμοι.

ΑΝΑΚΟΙΝΩΣΙΣ ΤΗΣ Ε.Δ.Α.

Ἡ Ἐκτελεστικὴ Ἐπιτροπὴ τῆς ΕΔΑ ἐξέδωσε ἀνακοίνωσιν διὰ τῆς ὁποίας ἐπικρίνει τὴν στάσιν τῆς κυβερνήσεως εἰς τὸ κυπριακὸν ζήτημα.

ΑΝΑΛΟΓΩΣ ΤΩΝ ΕΞΕΛΙΞΕΩΝ Η ΚΥΒΕΡΝΗΣΙΣ ΘΑ ΡΥΘΜΙΣΗ ΤΟ ΘΕΜΑ ΤΗΣ ΠΡΟΣΦΥΓΗΣ ΚΑΙ ΤΗΣ ΘΕΣΕΩΣ ΜΑΣ ΕΙΣ ΤΟ Ν.Α.Τ.Ο.
◉◉◉ ΣΥΝΕΧΕΙΑ

Ἡ κυβέρνησις ἀναλόγως τῶν ἐξελίξεων θὰ ρυθμίσῃ τὸ θέμα τῆς προσφυγῆς εἰς τὰ Ἡνωμένα Ἔθνη καὶ τῆς θέσεώς μας εἰς τὸ ΝΑΤΟ. Ὁ πρωθυπουργὸς κ. Καραμανλῆς ἐδήλωσεν ὅτι ἡ Ἑλλὰς θὰ ὑπερασπίσῃ μὲ ὅλα τὰ μέσα τὰ δίκαια τοῦ κυπριακοῦ λαοῦ.

Κατὰ τὰς πληροφορίας αἱ ἀποφάσεις θὰ ληφθοῦν μετὰ τὴν ἐξέτασιν τῶν βρεταννικῶν προθέσεων.

Η ΘΕΣΙΣ ΕΙΣ ΤΟ ΝΑΤΟ

Διὰ τὴν θέσιν τῆς Ἑλλάδος εἰς τὸ ΝΑΤΟ ἡ κυβέρνησις θὰ λάβῃ ὑπ᾿ ὄψιν τὴν στάσιν τῶν συμμάχων εἰς τὸ κυπριακόν. Ἡ Ἑλλὰς δὲν δύναται νὰ παραμείνῃ εἰς συμμαχίαν ἡ ὁποία δὲν σέβεται τὰ δίκαιά της.

ΘΑ ΓΙΝΗ ΠΡΟΣΦΥΓΗ;

Ἐπὶ τοῦ θέματος τῆς νέας προσφυγῆς εἰς τὰ Ἡνωμένα Ἔθνη αἱ ἀπόψεις διίστανται. Ὡρισμένοι κύκλοι θεωροῦν ὅτι ἡ προσφυγὴ εἶναι ἀναγκαία, ἄλλοι ὅτι πρέπει νὰ ἀναμείνωμεν.

Η ΒΟΥΛΗ ΤΗΣ ΣΟΣΙΑΛΙΣΤΙΚΗΣ

Ἡ Βουλὴ τῆς Σοσιαλιστικῆς παρατάξεως ἐξέδωσεν ἀνακοίνωσιν διὰ τῆς ὁποίας ὑποστηρίζει τὴν προσφυγὴν καὶ ζητεῖ τὴν ἄμεσον ἐπανεξέτασιν τῆς θέσεως τῆς Ἑλλάδος εἰς τὸ ΝΑΤΟ.
